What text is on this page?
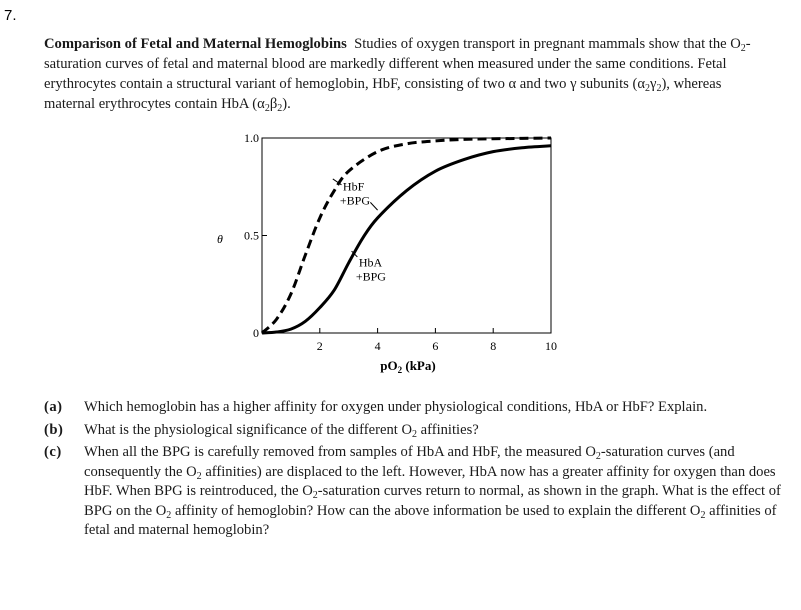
7.

Comparison of Fetal and Maternal Hemoglobins Studies of oxygen transport in pregnant mammals show that the $O_2$-saturation curves of fetal and maternal blood are markedly different when measured under the same conditions. Fetal erythrocytes contain a structural variant of hemoglobin, HbF, consisting of two α and two γ subunits $(\alpha_2\gamma_2)$, whereas maternal erythrocytes contain HbA $(\alpha_2\beta_2)$.

2	4	6	8	10
0
0.5
1.0
HbF
+BPG
HbA
+BPG
θ
$pO_2$ (kPa)
(a)	Which hemoglobin has a higher affinity for oxygen under physiological conditions, HbA or HbF? Explain.
(b)	What is the physiological significance of the different $O_2$ affinities?
(c)	When all the BPG is carefully removed from samples of HbA and HbF, the measured $O_2$-saturation curves (and consequently the $O_2$ affinities) are displaced to the left. However, HbA now has a greater affinity for oxygen than does HbF. When BPG is reintroduced, the $O_2$-saturation curves return to normal, as shown in the graph. What is the effect of BPG on the $O_2$ affinity of hemoglobin? How can the above information be used to explain the different $O_2$ affinities of fetal and maternal hemoglobin?
